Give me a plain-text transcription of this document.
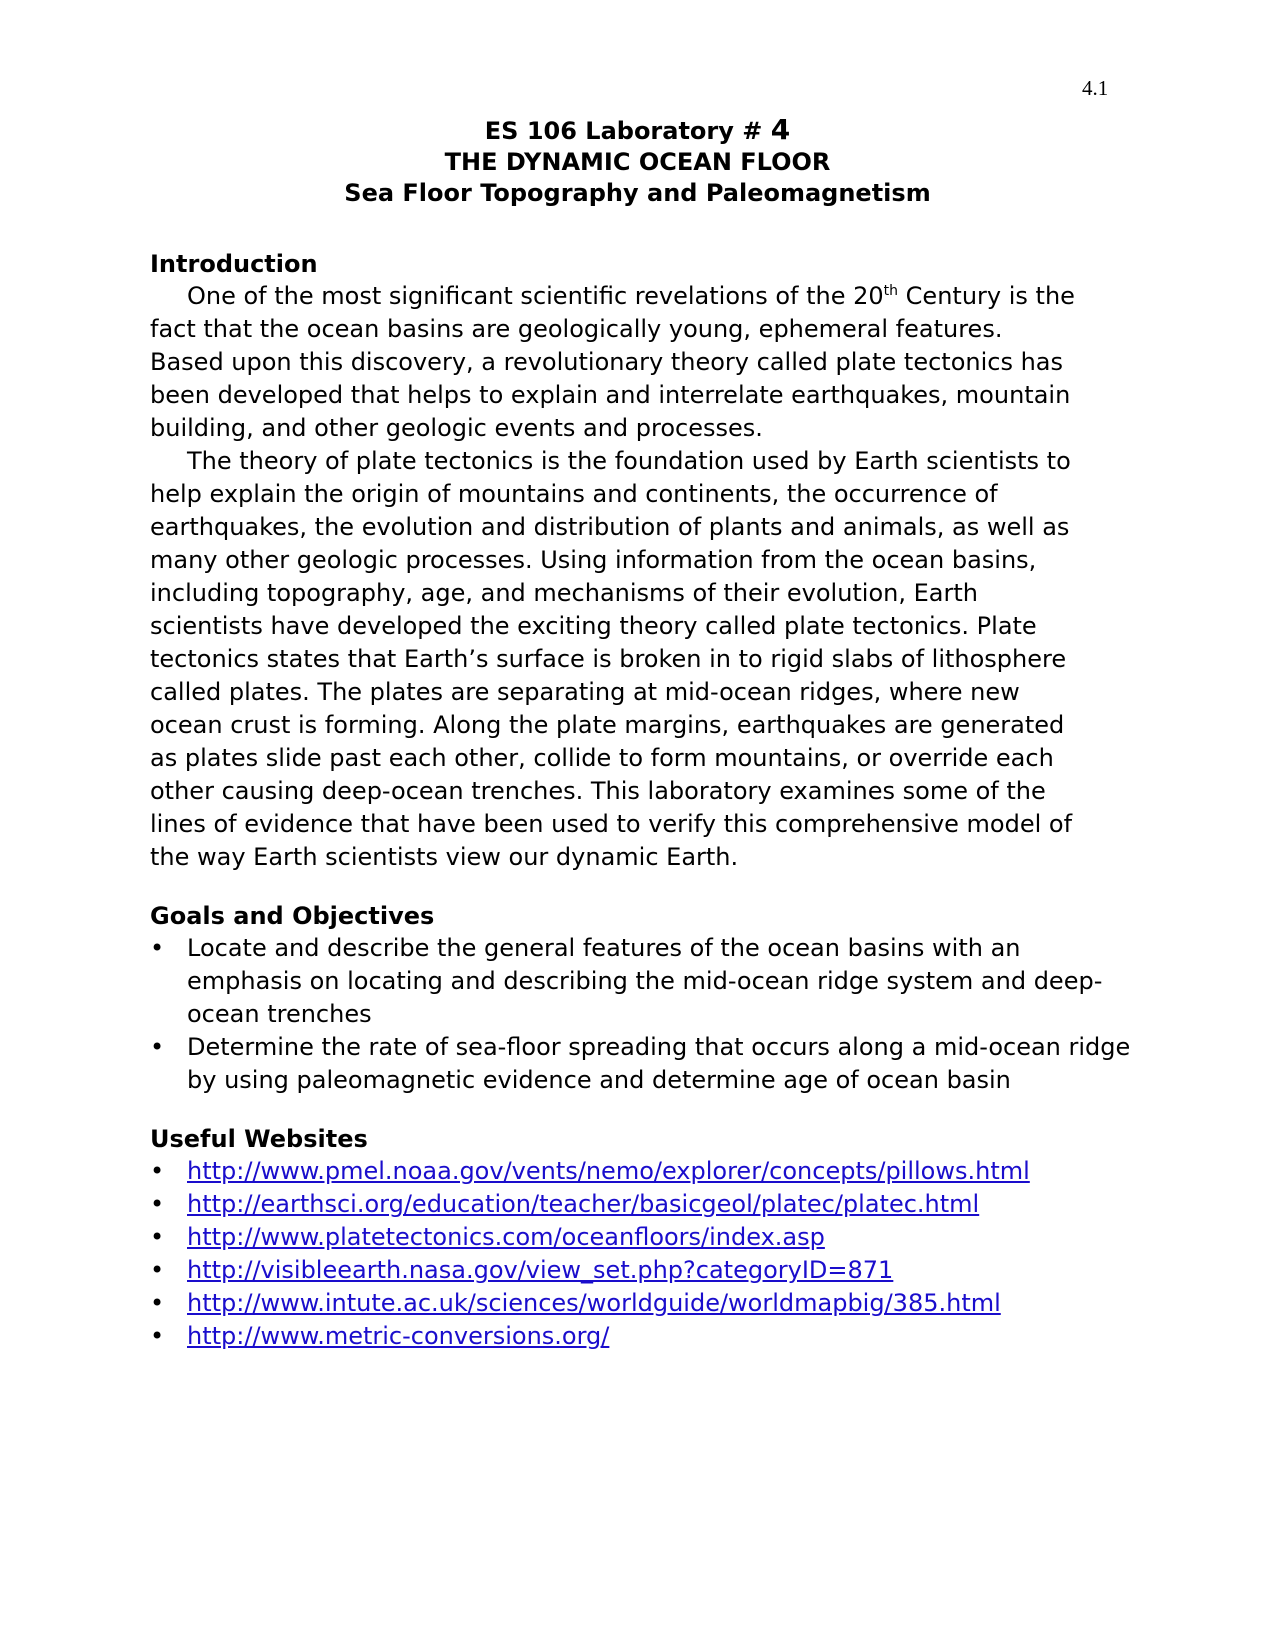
4.1
ES 106 Laboratory # 4
THE DYNAMIC OCEAN FLOOR
Sea Floor Topography and Paleomagnetism
Introduction

One of the most significant scientific revelations of the 20th Century is the
fact that the ocean basins are geologically young, ephemeral features.
Based upon this discovery, a revolutionary theory called plate tectonics has
been developed that helps to explain and interrelate earthquakes, mountain
building, and other geologic events and processes.

The theory of plate tectonics is the foundation used by Earth scientists to
help explain the origin of mountains and continents, the occurrence of
earthquakes, the evolution and distribution of plants and animals, as well as
many other geologic processes. Using information from the ocean basins,
including topography, age, and mechanisms of their evolution, Earth
scientists have developed the exciting theory called plate tectonics. Plate
tectonics states that Earth’s surface is broken in to rigid slabs of lithosphere
called plates. The plates are separating at mid-ocean ridges, where new
ocean crust is forming. Along the plate margins, earthquakes are generated
as plates slide past each other, collide to form mountains, or override each
other causing deep-ocean trenches. This laboratory examines some of the
lines of evidence that have been used to verify this comprehensive model of
the way Earth scientists view our dynamic Earth.

Goals and Objectives
• Locate and describe the general features of the ocean basins with an emphasis on locating and describing the mid-ocean ridge system and deep-ocean trenches
• Determine the rate of sea-floor spreading that occurs along a mid-ocean ridge by using paleomagnetic evidence and determine age of ocean basin
Useful Websites
• http://www.pmel.noaa.gov/vents/nemo/explorer/concepts/pillows.html
• http://earthsci.org/education/teacher/basicgeol/platec/platec.html
• http://www.platetectonics.com/oceanfloors/index.asp
• http://visibleearth.nasa.gov/view_set.php?categoryID=871
• http://www.intute.ac.uk/sciences/worldguide/worldmapbig/385.html
• http://www.metric-conversions.org/
